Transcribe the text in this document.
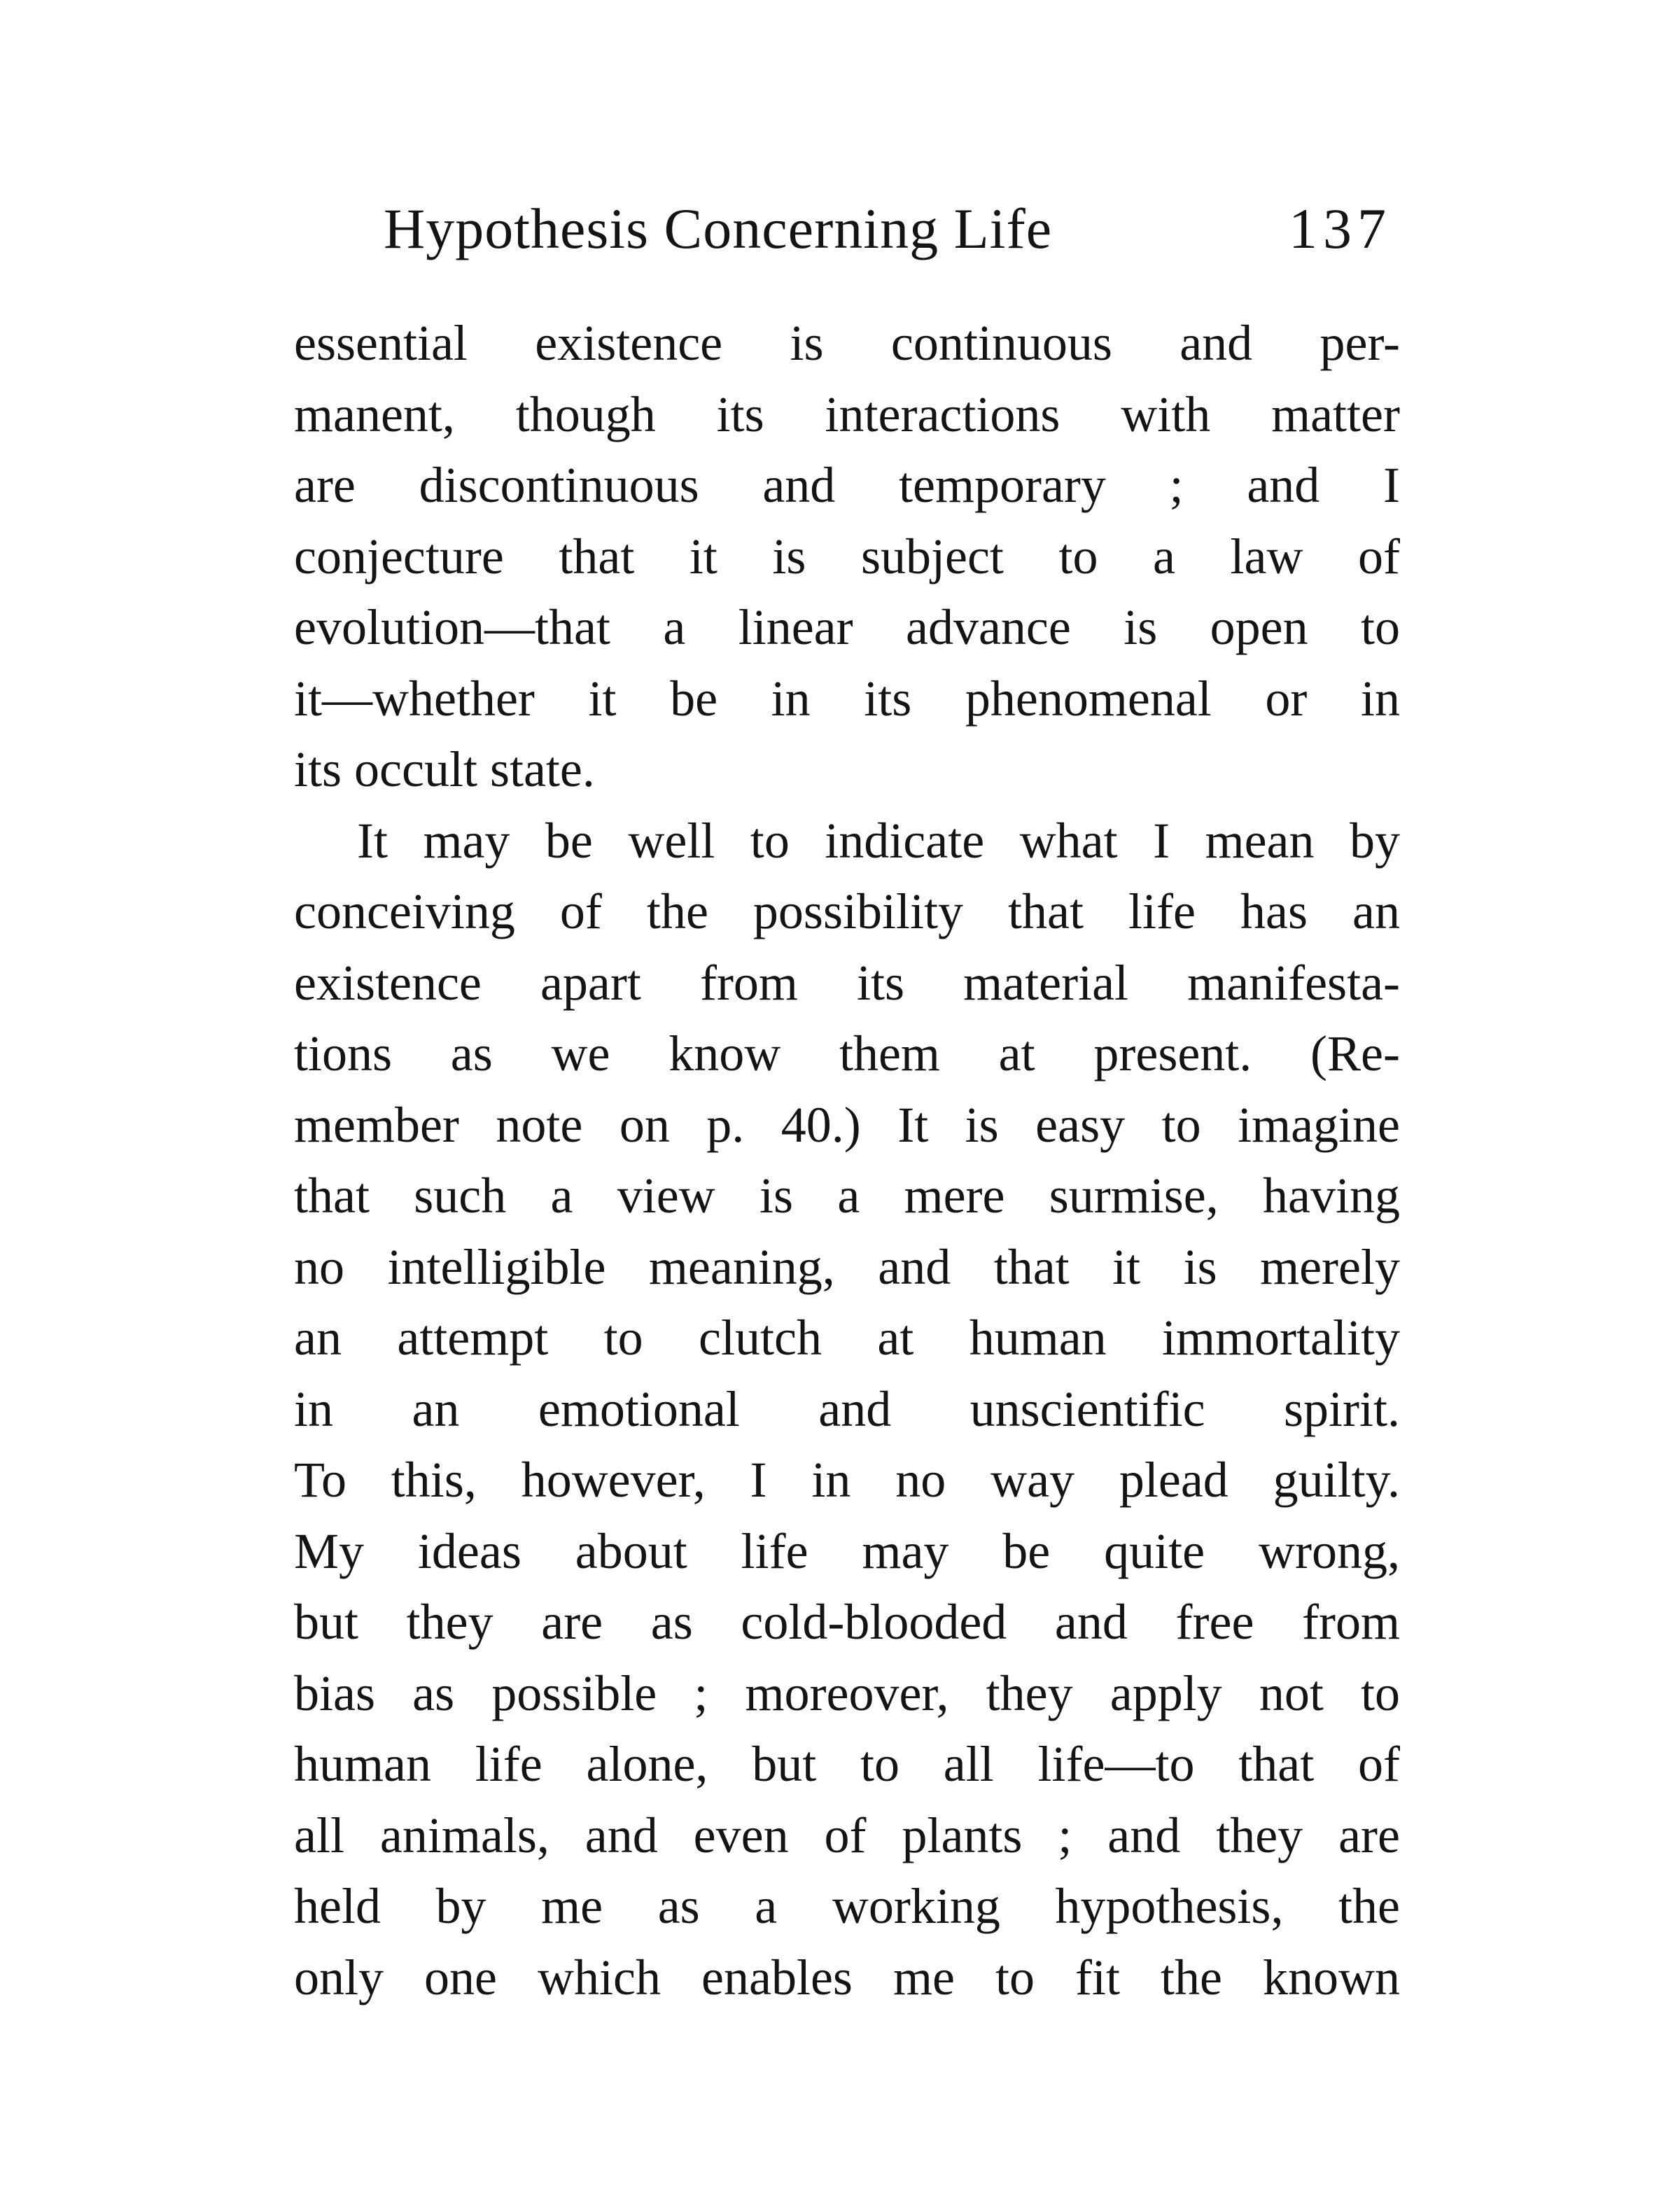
Hypothesis Concerning Life	137
essential existence is continuous and per-
manent, though its interactions with matter
are discontinuous and temporary ; and I
conjecture that it is subject to a law of
evolution—that a linear advance is open to
it—whether it be in its phenomenal or in
its occult state.
It may be well to indicate what I mean by
conceiving of the possibility that life has an
existence apart from its material manifesta-
tions as we know them at present. (Re-
member note on p. 40.) It is easy to imagine
that such a view is a mere surmise, having
no intelligible meaning, and that it is merely
an attempt to clutch at human immortality
in an emotional and unscientific spirit.
To this, however, I in no way plead guilty.
My ideas about life may be quite wrong,
but they are as cold-blooded and free from
bias as possible ; moreover, they apply not to
human life alone, but to all life—to that of
all animals, and even of plants ; and they are
held by me as a working hypothesis, the
only one which enables me to fit the known
